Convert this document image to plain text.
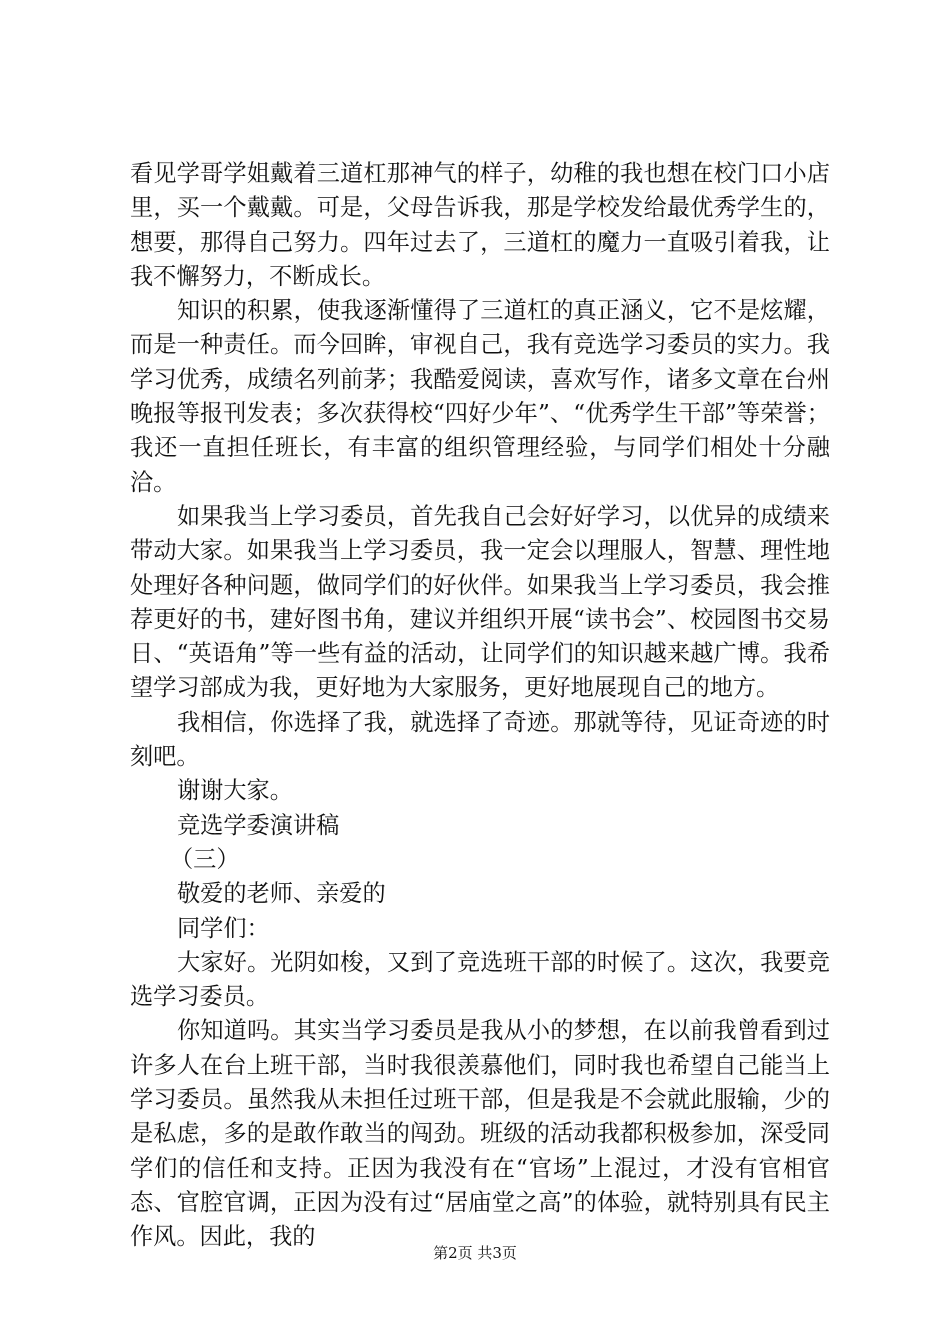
看见学哥学姐戴着三道杠那神气的样子，幼稚的我也想在校门口小店里，买一个戴戴。可是，父母告诉我，那是学校发给最优秀学生的，想要，那得自己努力。四年过去了，三道杠的魔力一直吸引着我，让我不懈努力，不断成长。

知识的积累，使我逐渐懂得了三道杠的真正涵义，它不是炫耀，而是一种责任。而今回眸，审视自己，我有竞选学习委员的实力。我学习优秀，成绩名列前茅；我酷爱阅读，喜欢写作，诸多文章在台州晚报等报刊发表；多次获得校“四好少年”、“优秀学生干部”等荣誉；我还一直担任班长，有丰富的组织管理经验，与同学们相处十分融洽。

如果我当上学习委员，首先我自己会好好学习，以优异的成绩来带动大家。如果我当上学习委员，我一定会以理服人，智慧、理性地处理好各种问题，做同学们的好伙伴。如果我当上学习委员，我会推荐更好的书，建好图书角，建议并组织开展“读书会”、校园图书交易日、“英语角”等一些有益的活动，让同学们的知识越来越广博。我希望学习部成为我，更好地为大家服务，更好地展现自己的地方。

我相信，你选择了我，就选择了奇迹。那就等待，见证奇迹的时刻吧。

谢谢大家。

竞选学委演讲稿

（三）

敬爱的老师、亲爱的

同学们：

大家好。光阴如梭，又到了竞选班干部的时候了。这次，我要竞选学习委员。

你知道吗。其实当学习委员是我从小的梦想，在以前我曾看到过许多人在台上班干部，当时我很羡慕他们，同时我也希望自己能当上学习委员。虽然我从未担任过班干部，但是我是不会就此服输，少的是私虑，多的是敢作敢当的闯劲。班级的活动我都积极参加，深受同学们的信任和支持。正因为我没有在“官场”上混过，才没有官相官态、官腔官调，正因为没有过“居庙堂之高”的体验，就特别具有民主作风。因此，我的

第2页 共3页
